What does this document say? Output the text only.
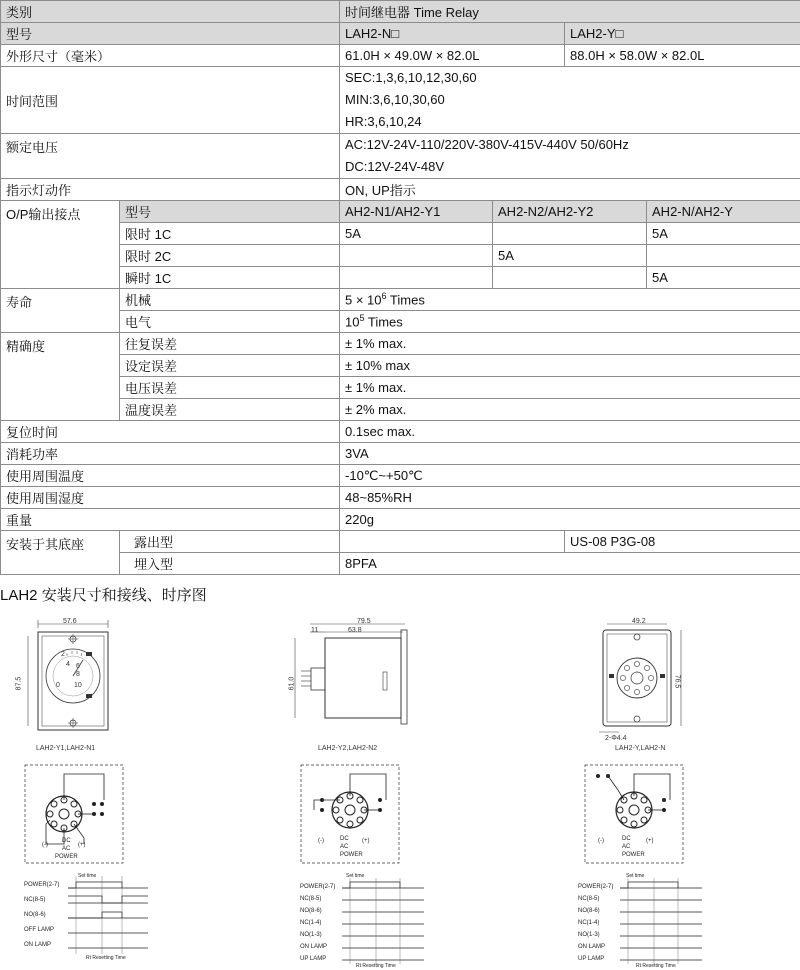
类别		时间继电器 Time Relay			
型号		LAH2-N□		LAH2-Y□	
外形尺寸（毫米）		61.0H × 49.0W × 82.0L		88.0H × 58.0W × 82.0L	
时间范围		SEC:1,3,6,10,12,30,60
MIN:3,6,10,30,60
HR:3,6,10,24			

额定电压		AC:12V-24V-110/220V-380V-415V-440V 50/60Hz
DC:12V-24V-48V			

指示灯动作		ON, UP指示			
O/P输出接点	型号	AH2-N1/AH2-Y1	AH2-N2/AH2-Y2		AH2-N/AH2-Y
	限时 1C	5A			5A
	限时 2C		5A		
	瞬时 1C				5A
寿命	机械	$5 \times 10^6$ Times			
	电气	$10^5$ Times			
精确度	往复误差	± 1% max.			
	设定误差	± 10% max			
	电压误差	± 1% max.			
	温度误差	± 2% max.			
复位时间		0.1sec max.			
消耗功率		3VA			
使用周围温度		-10℃~+50℃			
使用周围湿度		48~85%RH			
重量		220g			
安装于其底座	露出型			US-08 P3G-08	
	埋入型	8PFA			
LAH2 安装尺寸和接线、时序图
57.6
87.5
2
4 6
8
10
0
LAH2-Y1,LAH2-N1
79.5
63.8
11
61.0
LAH2-Y2,LAH2-N2
49.2
76.5
2-Φ4.4
LAH2-Y,LAH2-N
(-)
DC
AC
(+)
POWER
(-)	DC
AC
(+)
POWER
(-)	DC
AC
(+)
POWER
POWER(2-7)
NC(8-5)
NO(8-6)
OFF LAMP
ON LAMP
Set time
Rt Resetting Time
POWER(2-7)
NC(8-5)
NO(8-6)
NC(1-4)
NO(1-3)
ON LAMP
UP LAMP
Set time
Rt Resetting Time
POWER(2-7)
NC(8-5)
NO(8-6)
NC(1-4)
NO(1-3)
ON LAMP
UP LAMP
Set time
Rt Resetting Time
